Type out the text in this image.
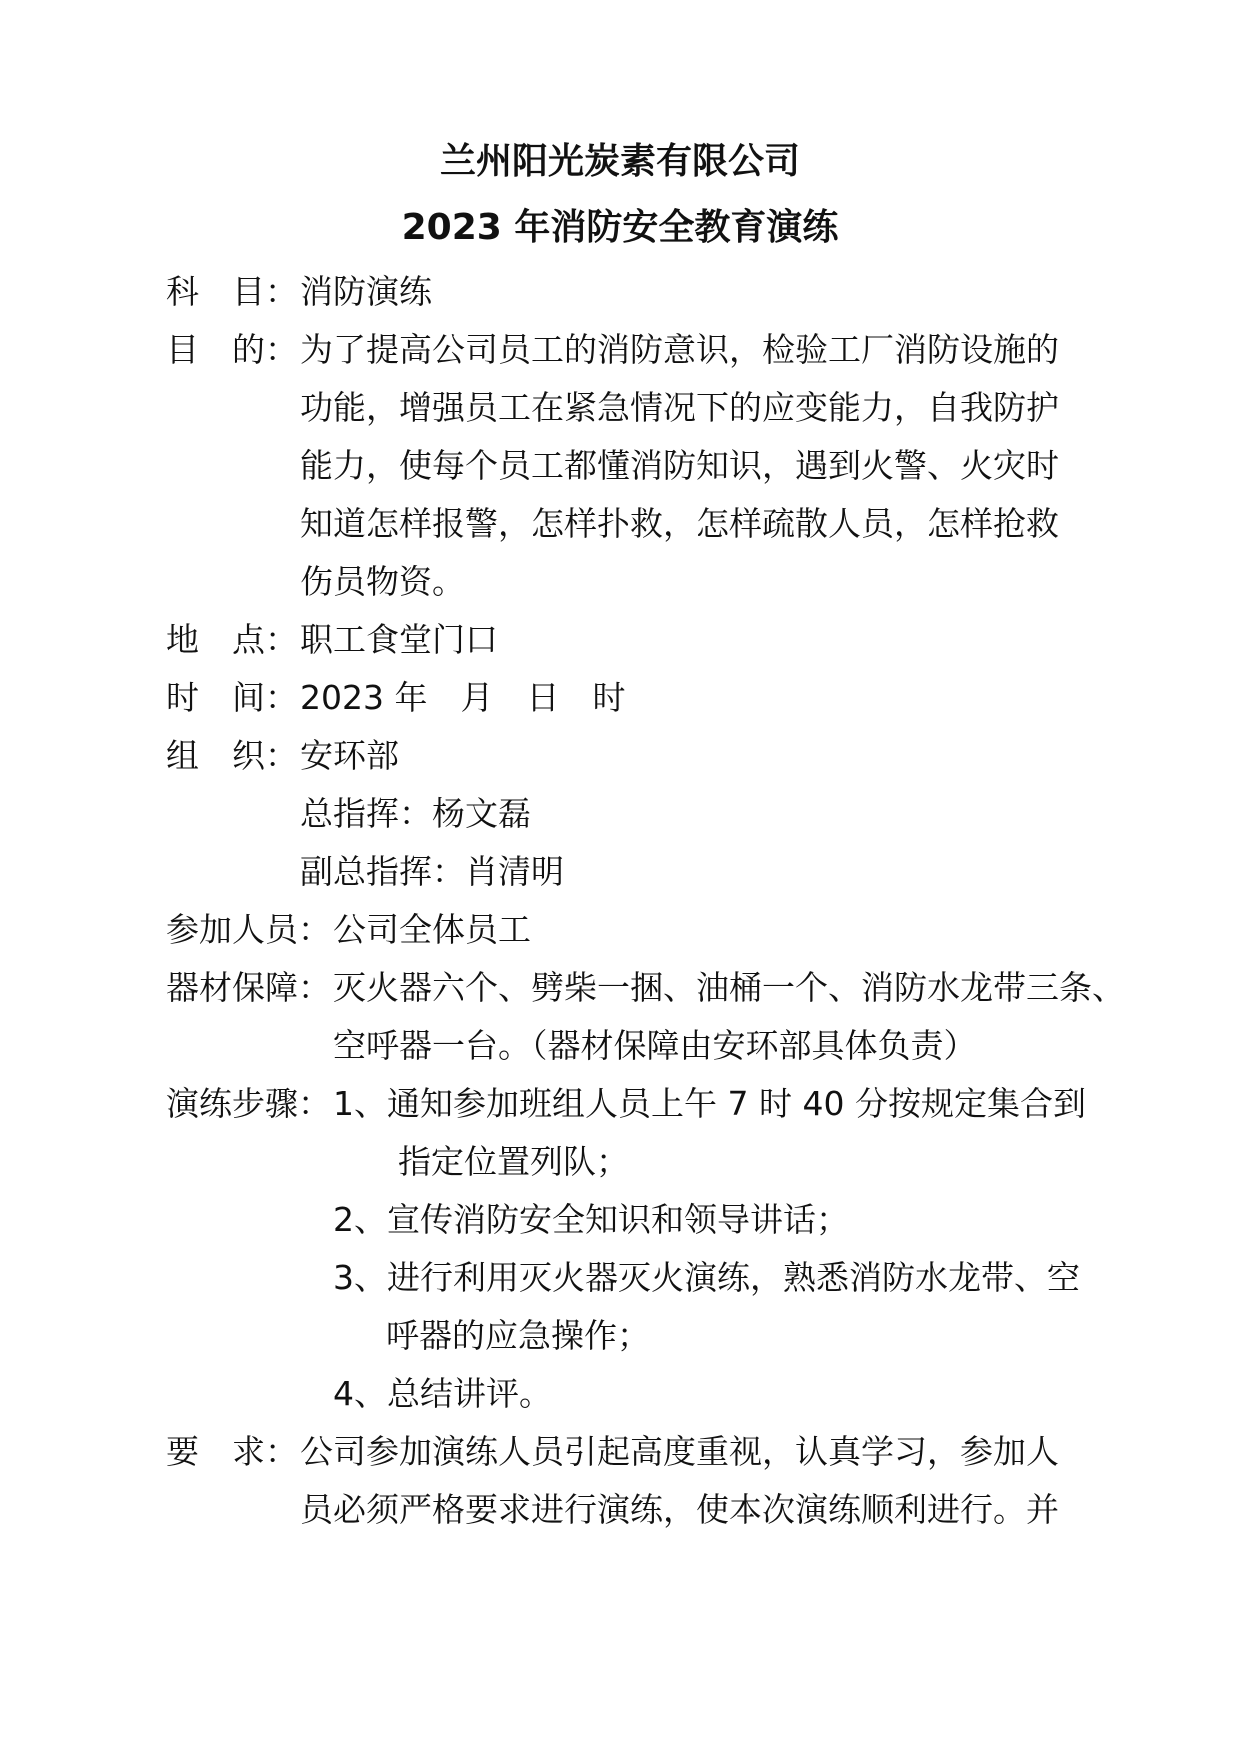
兰州阳光炭素有限公司
2023 年消防安全教育演练
科　目： 消防演练
目　的： 为了提高公司员工的消防意识，检验工厂消防设施的
功能，增强员工在紧急情况下的应变能力，自我防护
能力，使每个员工都懂消防知识，遇到火警、火灾时
知道怎样报警，怎样扑救，怎样疏散人员，怎样抢救
伤员物资。
地　点： 职工食堂门口
时　间： 2023 年　月　日　时
组　织： 安环部
总指挥：杨文磊
副总指挥：肖清明
参加人员： 公司全体员工
器材保障： 灭火器六个、劈柴一捆、油桶一个、消防水龙带三条、
空呼器一台。（器材保障由安环部具体负责）
演练步骤： 1、通知参加班组人员上午 7 时 40 分按规定集合到
指定位置列队；
2、宣传消防安全知识和领导讲话；
3、进行利用灭火器灭火演练，熟悉消防水龙带、空
呼器的应急操作；
4、总结讲评。
要　求： 公司参加演练人员引起高度重视，认真学习，参加人
员必须严格要求进行演练，使本次演练顺利进行。并
